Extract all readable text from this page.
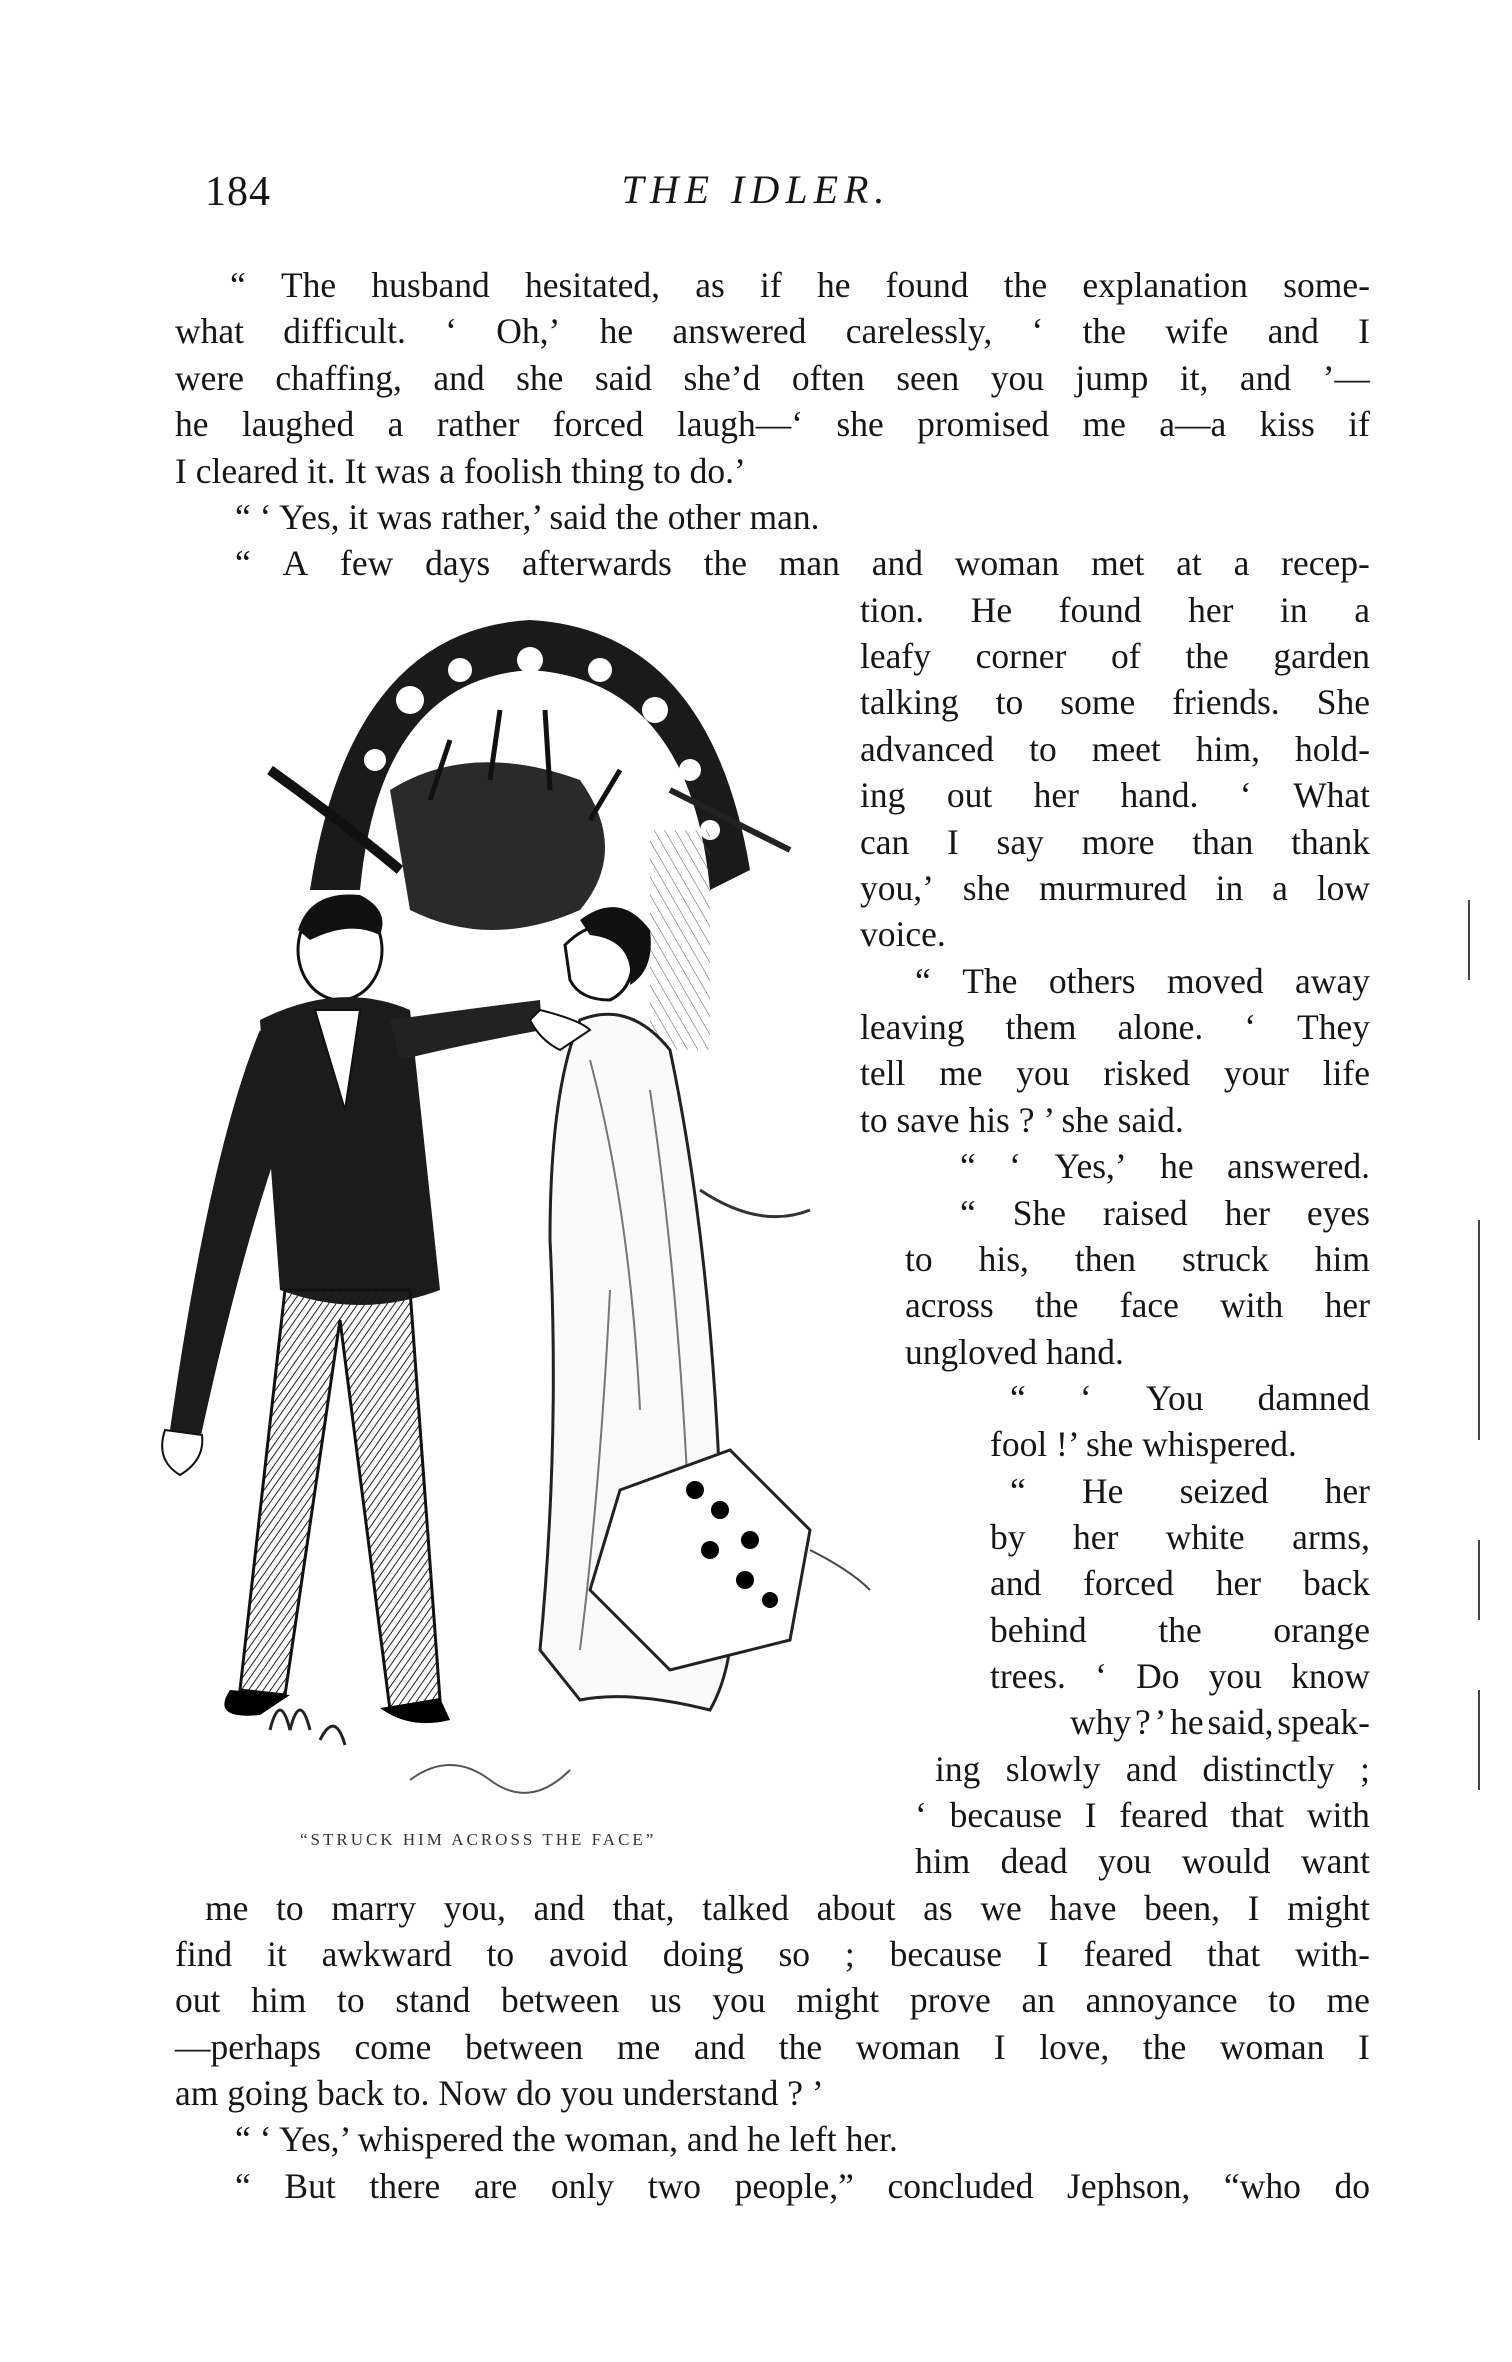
184	THE IDLER.
“STRUCK HIM ACROSS THE FACE”
“ The husband hesitated, as if he found the explanation some-
what difficult. ‘ Oh,’ he answered carelessly, ‘ the wife and I
were chaffing, and she said she’d often seen you jump it, and ’—
he laughed a rather forced laugh—‘ she promised me a—a kiss if
I cleared it. It was a foolish thing to do.’
“ ‘ Yes, it was rather,’ said the other man.
“ A few days afterwards the man and woman met at a recep-
tion. He found her in a
leafy corner of the garden
talking to some friends. She
advanced to meet him, hold-
ing out her hand. ‘ What
can I say more than thank
you,’ she murmured in a low
voice.
“ The others moved away
leaving them alone. ‘ They
tell me you risked your life
to save his ? ’ she said.
“ ‘ Yes,’ he answered.
“ She raised her eyes
to his, then struck him
across the face with her
ungloved hand.
“ ‘ You damned
fool !’ she whispered.
“ He seized her
by her white arms,
and forced her back
behind the orange
trees. ‘ Do you know
why ? ’ he said, speak-
ing slowly and distinctly ;
‘ because I feared that with
him dead you would want
me to marry you, and that, talked about as we have been, I might
find it awkward to avoid doing so ; because I feared that with-
out him to stand between us you might prove an annoyance to me
—perhaps come between me and the woman I love, the woman I
am going back to. Now do you understand ? ’
“ ‘ Yes,’ whispered the woman, and he left her.
“ But there are only two people,” concluded Jephson, “who do
